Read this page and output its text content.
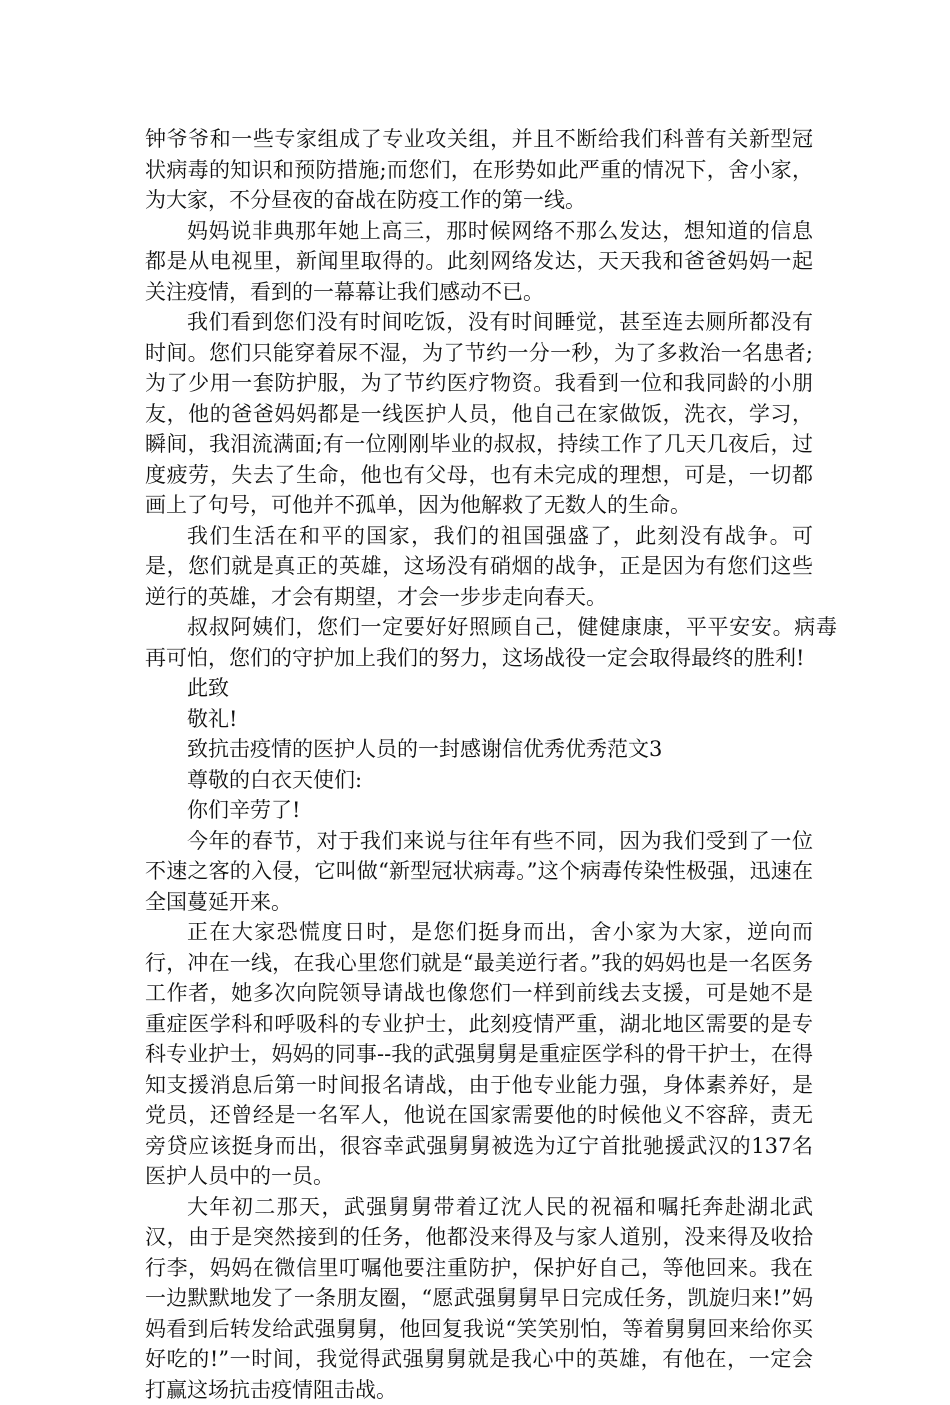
钟爷爷和一些专家组成了专业攻关组，并且不断给我们科普有关新型冠状病毒的知识和预防措施;而您们，在形势如此严重的情况下，舍小家，为大家，不分昼夜的奋战在防疫工作的第一线。

妈妈说非典那年她上高三，那时候网络不那么发达，想知道的信息都是从电视里，新闻里取得的。此刻网络发达，天天我和爸爸妈妈一起关注疫情，看到的一幕幕让我们感动不已。

我们看到您们没有时间吃饭，没有时间睡觉，甚至连去厕所都没有时间。您们只能穿着尿不湿，为了节约一分一秒，为了多救治一名患者;为了少用一套防护服，为了节约医疗物资。我看到一位和我同龄的小朋友，他的爸爸妈妈都是一线医护人员，他自己在家做饭，洗衣，学习，瞬间，我泪流满面;有一位刚刚毕业的叔叔，持续工作了几天几夜后，过度疲劳，失去了生命，他也有父母，也有未完成的理想，可是，一切都画上了句号，可他并不孤单，因为他解救了无数人的生命。

我们生活在和平的国家，我们的祖国强盛了，此刻没有战争。可是，您们就是真正的英雄，这场没有硝烟的战争，正是因为有您们这些逆行的英雄，才会有期望，才会一步步走向春天。

叔叔阿姨们，您们一定要好好照顾自己，健健康康，平平安安。病毒再可怕，您们的守护加上我们的努力，这场战役一定会取得最终的胜利!

此致

敬礼!

致抗击疫情的医护人员的一封感谢信优秀优秀范文3

尊敬的白衣天使们:

你们辛劳了!

今年的春节，对于我们来说与往年有些不同，因为我们受到了一位不速之客的入侵，它叫做“新型冠状病毒。”这个病毒传染性极强，迅速在全国蔓延开来。

正在大家恐慌度日时，是您们挺身而出，舍小家为大家，逆向而行，冲在一线，在我心里您们就是“最美逆行者。”我的妈妈也是一名医务工作者，她多次向院领导请战也像您们一样到前线去支援，可是她不是重症医学科和呼吸科的专业护士，此刻疫情严重，湖北地区需要的是专科专业护士，妈妈的同事--我的武强舅舅是重症医学科的骨干护士，在得知支援消息后第一时间报名请战，由于他专业能力强，身体素养好，是党员，还曾经是一名军人，他说在国家需要他的时候他义不容辞，责无旁贷应该挺身而出，很容幸武强舅舅被选为辽宁首批驰援武汉的137名医护人员中的一员。

大年初二那天，武强舅舅带着辽沈人民的祝福和嘱托奔赴湖北武汉，由于是突然接到的任务，他都没来得及与家人道别，没来得及收拾行李，妈妈在微信里叮嘱他要注重防护，保护好自己，等他回来。我在一边默默地发了一条朋友圈，“愿武强舅舅早日完成任务，凯旋归来!”妈妈看到后转发给武强舅舅，他回复我说“笑笑别怕，等着舅舅回来给你买好吃的!”一时间，我觉得武强舅舅就是我心中的英雄，有他在，一定会打赢这场抗击疫情阻击战。
